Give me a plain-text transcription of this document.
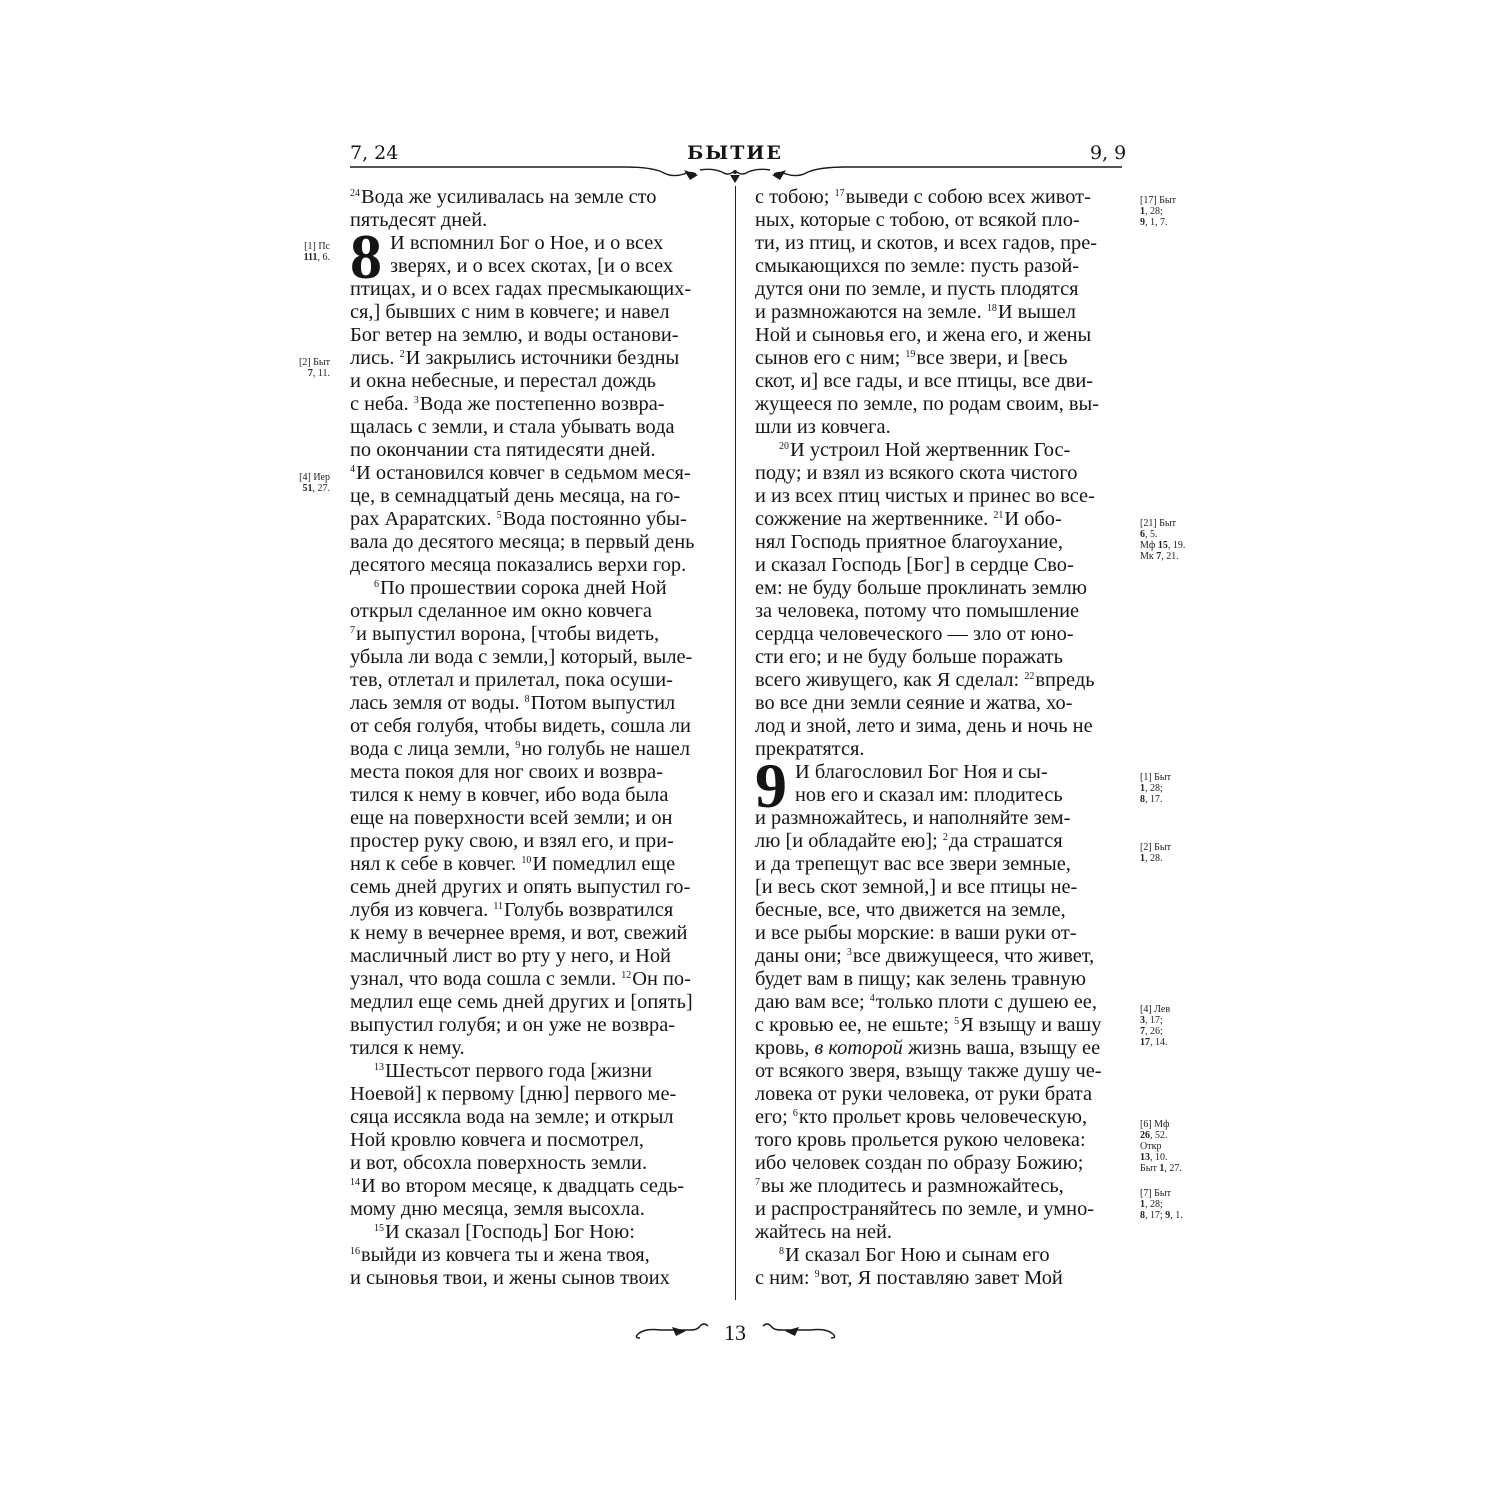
7, 24	БЫТИЕ	9, 9

$^{24}$Вода же усиливалась на земле сто
пятьдесят дней.

8 И вспомнил Бог о Ное, и о всех
зверях, и о всех скотах, [и о всех
птицах, и о всех гадах пресмыкающих-
ся,] бывших с ним в ковчеге; и навел
Бог ветер на землю, и воды останови-
лись. $^2$И закрылись источники бездны
и окна небесные, и перестал дождь
с неба. $^3$Вода же постепенно возвра-
щалась с земли, и стала убывать вода
по окончании ста пятидесяти дней.
$^4$И остановился ковчег в седьмом меся-
це, в семнадцатый день месяца, на го-
рах Араратских. $^5$Вода постоянно убы-
вала до десятого месяца; в первый день
десятого месяца показались верхи гор.

$^6$По прошествии сорока дней Ной
открыл сделанное им окно ковчега
$^7$и выпустил ворона, [чтобы видеть,
убыла ли вода с земли,] который, выле-
тев, отлетал и прилетал, пока осуши-
лась земля от воды. $^8$Потом выпустил
от себя голубя, чтобы видеть, сошла ли
вода с лица земли, $^9$но голубь не нашел
места покоя для ног своих и возвра-
тился к нему в ковчег, ибо вода была
еще на поверхности всей земли; и он
простер руку свою, и взял его, и при-
нял к себе в ковчег. $^{10}$И помедлил еще
семь дней других и опять выпустил го-
лубя из ковчега. $^{11}$Голубь возвратился
к нему в вечернее время, и вот, свежий
масличный лист во рту у него, и Ной
узнал, что вода сошла с земли. $^{12}$Он по-
медлил еще семь дней других и [опять]
выпустил голубя; и он уже не возвра-
тился к нему.

$^{13}$Шестьсот первого года [жизни
Ноевой] к первому [дню] первого ме-
сяца иссякла вода на земле; и открыл
Ной кровлю ковчега и посмотрел,
и вот, обсохла поверхность земли.
$^{14}$И во втором месяце, к двадцать седь-
мому дню месяца, земля высохла.

$^{15}$И сказал [Господь] Бог Ною:
$^{16}$выйди из ковчега ты и жена твоя,
и сыновья твои, и жены сынов твоих

с тобою; $^{17}$выведи с собою всех живот-
ных, которые с тобою, от всякой пло-
ти, из птиц, и скотов, и всех гадов, пре-
смыкающихся по земле: пусть разой-
дутся они по земле, и пусть плодятся
и размножаются на земле. $^{18}$И вышел
Ной и сыновья его, и жена его, и жены
сынов его с ним; $^{19}$все звери, и [весь
скот, и] все гады, и все птицы, все дви-
жущееся по земле, по родам своим, вы-
шли из ковчега.

$^{20}$И устроил Ной жертвенник Гос-
поду; и взял из всякого скота чистого
и из всех птиц чистых и принес во все-
сожжение на жертвеннике. $^{21}$И обо-
нял Господь приятное благоухание,
и сказал Господь [Бог] в сердце Сво-
ем: не буду больше проклинать землю
за человека, потому что помышление
сердца человеческого — зло от юно-
сти его; и не буду больше поражать
всего живущего, как Я сделал: $^{22}$впредь
во все дни земли сеяние и жатва, хо-
лод и зной, лето и зима, день и ночь не
прекратятся.

9 И благословил Бог Ноя и сы-
нов его и сказал им: плодитесь
и размножайтесь, и наполняйте зем-
лю [и обладайте ею]; $^2$да страшатся
и да трепещут вас все звери земные,
[и весь скот земной,] и все птицы не-
бесные, все, что движется на земле,
и все рыбы морские: в ваши руки от-
даны они; $^3$все движущееся, что живет,
будет вам в пищу; как зелень травную
даю вам все; $^4$только плоти с душею ее,
с кровью ее, не ешьте; $^5$Я взыщу и вашу
кровь, в которой жизнь ваша, взыщу ее
от всякого зверя, взыщу также душу че-
ловека от руки человека, от руки брата
его; $^6$кто прольет кровь человеческую,
того кровь прольется рукою человека:
ибо человек создан по образу Божию;
$^7$вы же плодитесь и размножайтесь,
и распространяйтесь по земле, и умно-
жайтесь на ней.

$^8$И сказал Бог Ною и сынам его
с ним: $^9$вот, Я поставляю завет Мой

[1] Пс
111, 6.
[2] Быт
7, 11.
[4] Иер
51, 27.
[17] Быт
1, 28;
9, 1, 7.
[21] Быт
6, 5.
Мф 15, 19.
Мк 7, 21.
[1] Быт
1, 28;
8, 17.
[2] Быт
1, 28.
[4] Лев
3, 17;
7, 26;
17, 14.
[6] Мф
26, 52.
Откр
13, 10.
Быт 1, 27.
[7] Быт
1, 28;
8, 17; 9, 1.
13
